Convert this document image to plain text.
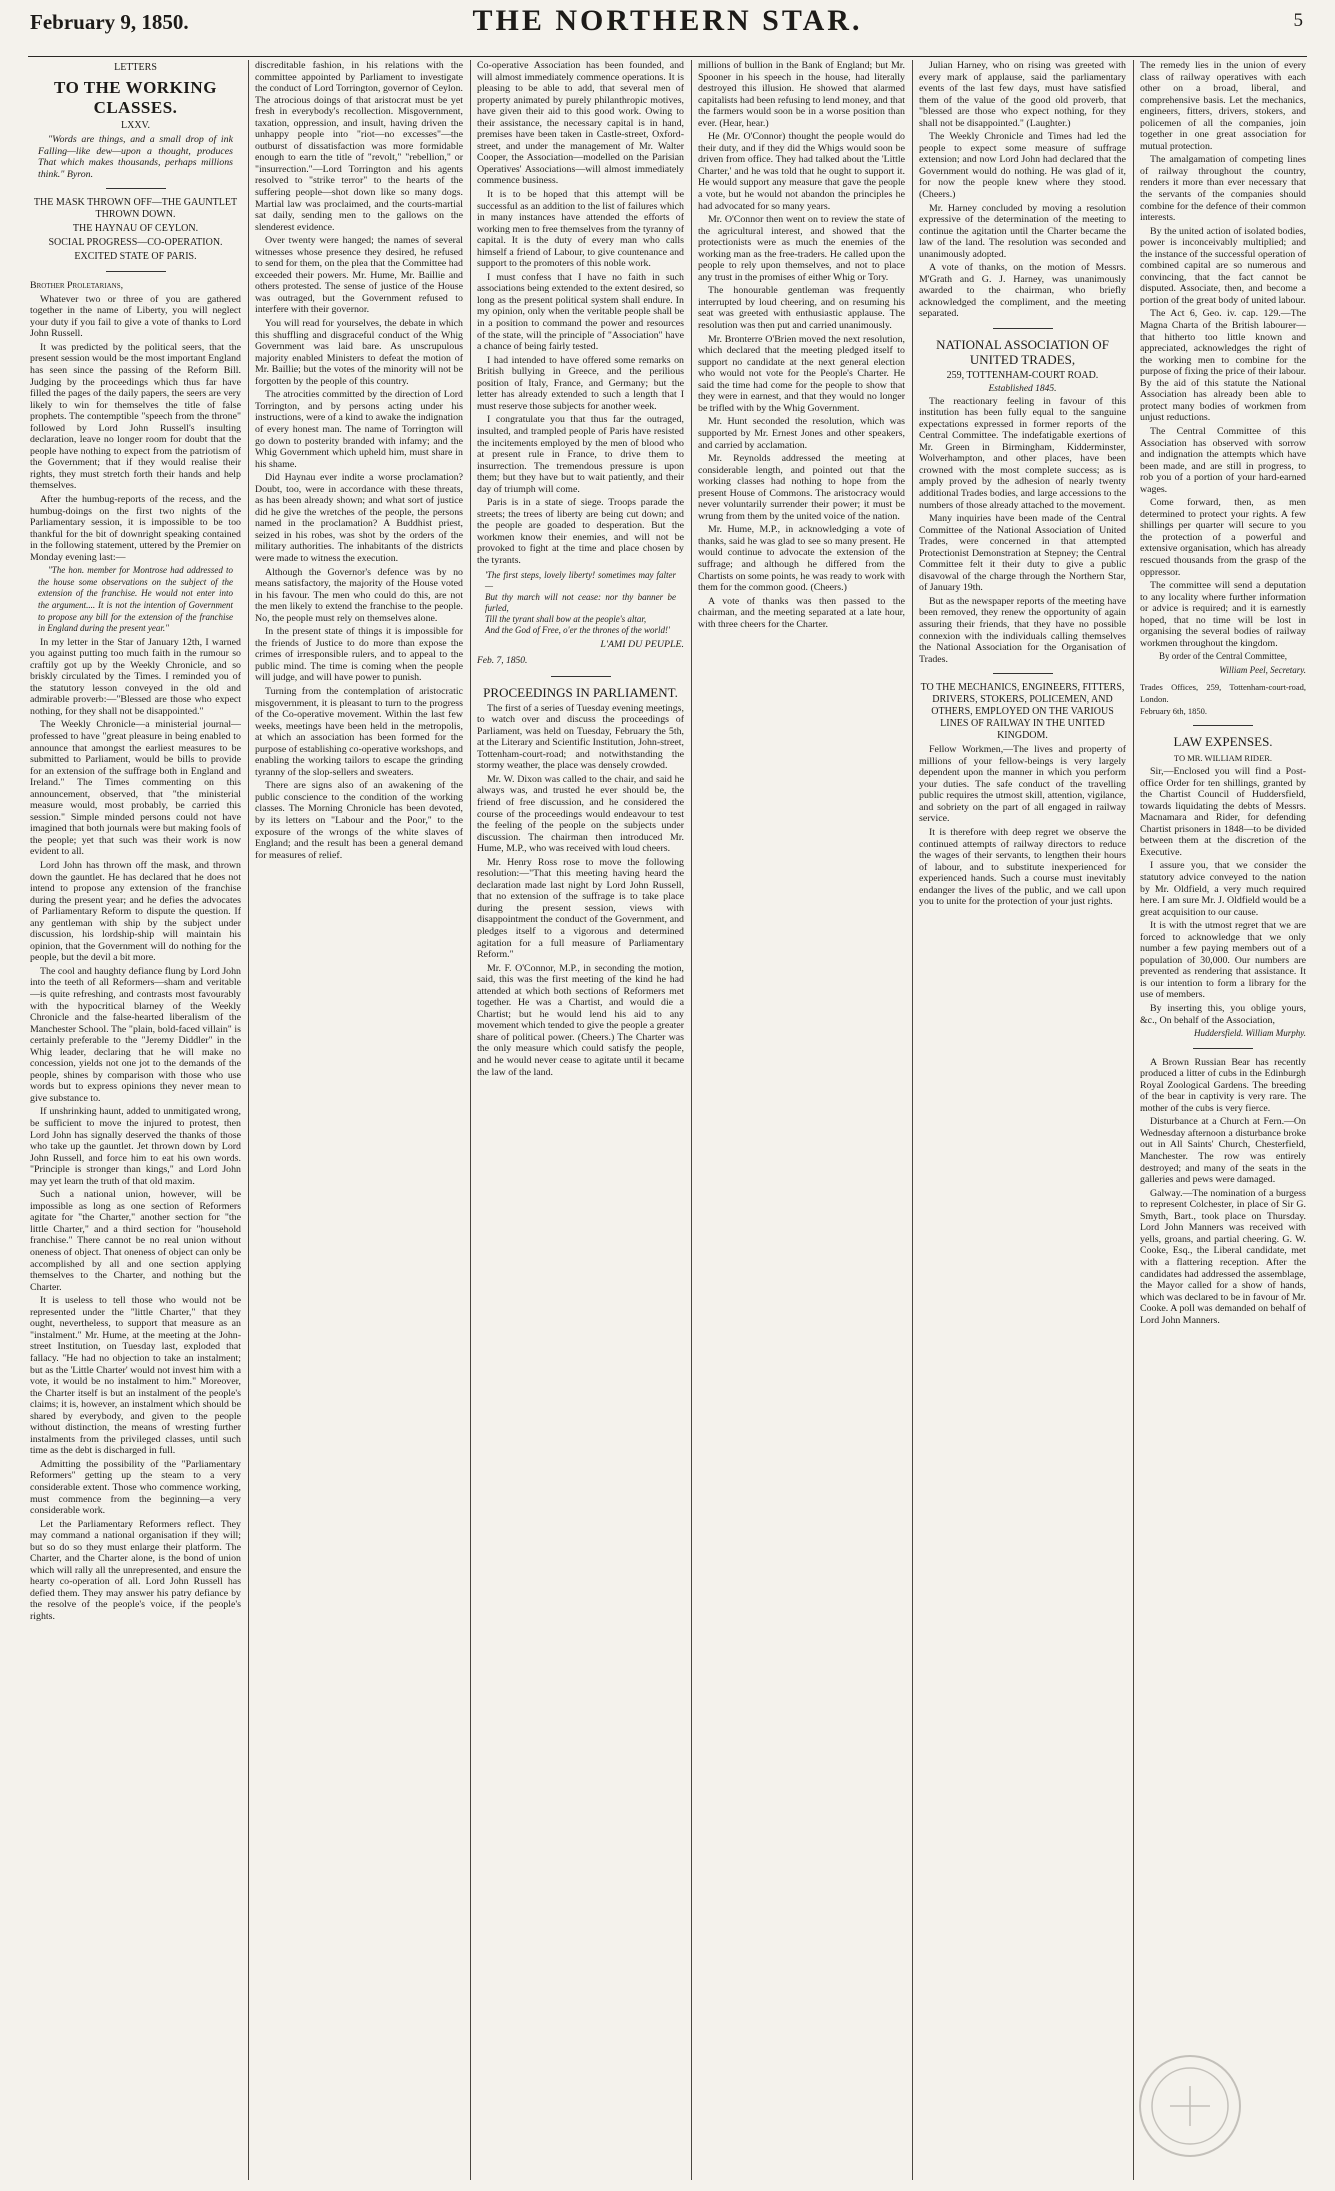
February 9, 1850.	THE NORTHERN STAR.	5
LETTERS
TO THE WORKING CLASSES.
LXXV.

"Words are things, and a small drop of ink Falling—like dew—upon a thought, produces That which makes thousands, perhaps millions think." Byron.

THE MASK THROWN OFF—THE GAUNTLET THROWN DOWN.
THE HAYNAU OF CEYLON.
SOCIAL PROGRESS—CO-OPERATION.
EXCITED STATE OF PARIS.

Brother Proletarians,

Whatever two or three of you are gathered together in the name of Liberty, you will neglect your duty if you fail to give a vote of thanks to Lord John Russell.

It was predicted by the political seers, that the present session would be the most important England has seen since the passing of the Reform Bill. Judging by the proceedings which thus far have filled the pages of the daily papers, the seers are very likely to win for themselves the title of false prophets. The contemptible "speech from the throne" followed by Lord John Russell's insulting declaration, leave no longer room for doubt that the people have nothing to expect from the patriotism of the Government; that if they would realise their rights, they must stretch forth their hands and help themselves.

After the humbug-reports of the recess, and the humbug-doings on the first two nights of the Parliamentary session, it is impossible to be too thankful for the bit of downright speaking contained in the following statement, uttered by the Premier on Monday evening last:—

"The hon. member for Montrose had addressed to the house some observations on the subject of the extension of the franchise. He would not enter into the argument.... It is not the intention of Government to propose any bill for the extension of the franchise in England during the present year."

In my letter in the Star of January 12th, I warned you against putting too much faith in the rumour so craftily got up by the Weekly Chronicle, and so briskly circulated by the Times. I reminded you of the statutory lesson conveyed in the old and admirable proverb:—"Blessed are those who expect nothing, for they shall not be disappointed."

The Weekly Chronicle—a ministerial journal—professed to have "great pleasure in being enabled to announce that amongst the earliest measures to be submitted to Parliament, would be bills to provide for an extension of the suffrage both in England and Ireland." The Times commenting on this announcement, observed, that "the ministerial measure would, most probably, be carried this session." Simple minded persons could not have imagined that both journals were but making fools of the people; yet that such was their work is now evident to all.

Lord John has thrown off the mask, and thrown down the gauntlet. He has declared that he does not intend to propose any extension of the franchise during the present year; and he defies the advocates of Parliamentary Reform to dispute the question. If any gentleman with ship by the subject under discussion, his lordship-ship will maintain his opinion, that the Government will do nothing for the people, but the devil a bit more.

The cool and haughty defiance flung by Lord John into the teeth of all Reformers—sham and veritable—is quite refreshing, and contrasts most favourably with the hypocritical blarney of the Weekly Chronicle and the false-hearted liberalism of the Manchester School. The "plain, bold-faced villain" is certainly preferable to the "Jeremy Diddler" in the Whig leader, declaring that he will make no concession, yields not one jot to the demands of the people, shines by comparison with those who use words but to express opinions they never mean to give substance to.

If unshrinking haunt, added to unmitigated wrong, be sufficient to move the injured to protest, then Lord John has signally deserved the thanks of those who take up the gauntlet. Jet thrown down by Lord John Russell, and force him to eat his own words. "Principle is stronger than kings," and Lord John may yet learn the truth of that old maxim.

Such a national union, however, will be impossible as long as one section of Reformers agitate for "the Charter," another section for "the little Charter," and a third section for "household franchise." There cannot be no real union without oneness of object. That oneness of object can only be accomplished by all and one section applying themselves to the Charter, and nothing but the Charter.

It is useless to tell those who would not be represented under the "little Charter," that they ought, nevertheless, to support that measure as an "instalment." Mr. Hume, at the meeting at the John-street Institution, on Tuesday last, exploded that fallacy. "He had no objection to take an instalment; but as the 'Little Charter' would not invest him with a vote, it would be no instalment to him." Moreover, the Charter itself is but an instalment of the people's claims; it is, however, an instalment which should be shared by everybody, and given to the people without distinction, the means of wresting further instalments from the privileged classes, until such time as the debt is discharged in full.

Admitting the possibility of the "Parliamentary Reformers" getting up the steam to a very considerable extent. Those who commence working, must commence from the beginning—a very considerable work.

Let the Parliamentary Reformers reflect. They may command a national organisation if they will; but so do so they must enlarge their platform. The Charter, and the Charter alone, is the bond of union which will rally all the unrepresented, and ensure the hearty co-operation of all. Lord John Russell has defied them. They may answer his patry defiance by the resolve of the people's voice, if the people's rights.

discreditable fashion, in his relations with the committee appointed by Parliament to investigate the conduct of Lord Torrington, governor of Ceylon. The atrocious doings of that aristocrat must be yet fresh in everybody's recollection. Misgovernment, taxation, oppression, and insult, having driven the unhappy people into "riot—no excesses"—the outburst of dissatisfaction was more formidable enough to earn the title of "revolt," "rebellion," or "insurrection."—Lord Torrington and his agents resolved to "strike terror" to the hearts of the suffering people—shot down like so many dogs. Martial law was proclaimed, and the courts-martial sat daily, sending men to the gallows on the slenderest evidence.

Over twenty were hanged; the names of several witnesses whose presence they desired, he refused to send for them, on the plea that the Committee had exceeded their powers. Mr. Hume, Mr. Baillie and others protested. The sense of justice of the House was outraged, but the Government refused to interfere with their governor.

You will read for yourselves, the debate in which this shuffling and disgraceful conduct of the Whig Government was laid bare. As unscrupulous majority enabled Ministers to defeat the motion of Mr. Baillie; but the votes of the minority will not be forgotten by the people of this country.

The atrocities committed by the direction of Lord Torrington, and by persons acting under his instructions, were of a kind to awake the indignation of every honest man. The name of Torrington will go down to posterity branded with infamy; and the Whig Government which upheld him, must share in his shame.

Did Haynau ever indite a worse proclamation? Doubt, too, were in accordance with these threats, as has been already shown; and what sort of justice did he give the wretches of the people, the persons named in the proclamation? A Buddhist priest, seized in his robes, was shot by the orders of the military authorities. The inhabitants of the districts were made to witness the execution.

Although the Governor's defence was by no means satisfactory, the majority of the House voted in his favour. The men who could do this, are not the men likely to extend the franchise to the people. No, the people must rely on themselves alone.

In the present state of things it is impossible for the friends of Justice to do more than expose the crimes of irresponsible rulers, and to appeal to the public mind. The time is coming when the people will judge, and will have power to punish.

Turning from the contemplation of aristocratic misgovernment, it is pleasant to turn to the progress of the Co-operative movement. Within the last few weeks, meetings have been held in the metropolis, at which an association has been formed for the purpose of establishing co-operative workshops, and enabling the working tailors to escape the grinding tyranny of the slop-sellers and sweaters.

There are signs also of an awakening of the public conscience to the condition of the working classes. The Morning Chronicle has been devoted, by its letters on "Labour and the Poor," to the exposure of the wrongs of the white slaves of England; and the result has been a general demand for measures of relief.

Co-operative Association has been founded, and will almost immediately commence operations. It is pleasing to be able to add, that several men of property animated by purely philanthropic motives, have given their aid to this good work. Owing to their assistance, the necessary capital is in hand, premises have been taken in Castle-street, Oxford-street, and under the management of Mr. Walter Cooper, the Association—modelled on the Parisian Operatives' Associations—will almost immediately commence business.

It is to be hoped that this attempt will be successful as an addition to the list of failures which in many instances have attended the efforts of working men to free themselves from the tyranny of capital. It is the duty of every man who calls himself a friend of Labour, to give countenance and support to the promoters of this noble work.

I must confess that I have no faith in such associations being extended to the extent desired, so long as the present political system shall endure. In my opinion, only when the veritable people shall be in a position to command the power and resources of the state, will the principle of "Association" have a chance of being fairly tested.

I had intended to have offered some remarks on British bullying in Greece, and the perilious position of Italy, France, and Germany; but the letter has already extended to such a length that I must reserve those subjects for another week.

I congratulate you that thus far the outraged, insulted, and trampled people of Paris have resisted the incitements employed by the men of blood who at present rule in France, to drive them to insurrection. The tremendous pressure is upon them; but they have but to wait patiently, and their day of triumph will come.

Paris is in a state of siege. Troops parade the streets; the trees of liberty are being cut down; and the people are goaded to desperation. But the workmen know their enemies, and will not be provoked to fight at the time and place chosen by the tyrants.

'The first steps, lovely liberty! sometimes may falter—
But thy march will not cease: nor thy banner be furled,
Till the tyrant shall bow at the people's altar,
And the God of Free, o'er the thrones of the world!'
L'AMI DU PEUPLE.
Feb. 7, 1850.
PROCEEDINGS IN PARLIAMENT.

The first of a series of Tuesday evening meetings, to watch over and discuss the proceedings of Parliament, was held on Tuesday, February the 5th, at the Literary and Scientific Institution, John-street, Tottenham-court-road; and notwithstanding the stormy weather, the place was densely crowded.

Mr. W. Dixon was called to the chair, and said he always was, and trusted he ever should be, the friend of free discussion, and he considered the course of the proceedings would endeavour to test the feeling of the people on the subjects under discussion. The chairman then introduced Mr. Hume, M.P., who was received with loud cheers.

Mr. Henry Ross rose to move the following resolution:—"That this meeting having heard the declaration made last night by Lord John Russell, that no extension of the suffrage is to take place during the present session, views with disappointment the conduct of the Government, and pledges itself to a vigorous and determined agitation for a full measure of Parliamentary Reform."

Mr. F. O'Connor, M.P., in seconding the motion, said, this was the first meeting of the kind he had attended at which both sections of Reformers met together. He was a Chartist, and would die a Chartist; but he would lend his aid to any movement which tended to give the people a greater share of political power. (Cheers.) The Charter was the only measure which could satisfy the people, and he would never cease to agitate until it became the law of the land.

millions of bullion in the Bank of England; but Mr. Spooner in his speech in the house, had literally destroyed this illusion. He showed that alarmed capitalists had been refusing to lend money, and that the farmers would soon be in a worse position than ever. (Hear, hear.)

He (Mr. O'Connor) thought the people would do their duty, and if they did the Whigs would soon be driven from office. They had talked about the 'Little Charter,' and he was told that he ought to support it. He would support any measure that gave the people a vote, but he would not abandon the principles he had advocated for so many years.

Mr. O'Connor then went on to review the state of the agricultural interest, and showed that the protectionists were as much the enemies of the working man as the free-traders. He called upon the people to rely upon themselves, and not to place any trust in the promises of either Whig or Tory.

The honourable gentleman was frequently interrupted by loud cheering, and on resuming his seat was greeted with enthusiastic applause. The resolution was then put and carried unanimously.

Mr. Bronterre O'Brien moved the next resolution, which declared that the meeting pledged itself to support no candidate at the next general election who would not vote for the People's Charter. He said the time had come for the people to show that they were in earnest, and that they would no longer be trifled with by the Whig Government.

Mr. Hunt seconded the resolution, which was supported by Mr. Ernest Jones and other speakers, and carried by acclamation.

Mr. Reynolds addressed the meeting at considerable length, and pointed out that the working classes had nothing to hope from the present House of Commons. The aristocracy would never voluntarily surrender their power; it must be wrung from them by the united voice of the nation.

Mr. Hume, M.P., in acknowledging a vote of thanks, said he was glad to see so many present. He would continue to advocate the extension of the suffrage; and although he differed from the Chartists on some points, he was ready to work with them for the common good. (Cheers.)

A vote of thanks was then passed to the chairman, and the meeting separated at a late hour, with three cheers for the Charter.

Julian Harney, who on rising was greeted with every mark of applause, said the parliamentary events of the last few days, must have satisfied them of the value of the good old proverb, that "blessed are those who expect nothing, for they shall not be disappointed." (Laughter.)

The Weekly Chronicle and Times had led the people to expect some measure of suffrage extension; and now Lord John had declared that the Government would do nothing. He was glad of it, for now the people knew where they stood. (Cheers.)

Mr. Harney concluded by moving a resolution expressive of the determination of the meeting to continue the agitation until the Charter became the law of the land. The resolution was seconded and unanimously adopted.

A vote of thanks, on the motion of Messrs. M'Grath and G. J. Harney, was unanimously awarded to the chairman, who briefly acknowledged the compliment, and the meeting separated.

NATIONAL ASSOCIATION OF UNITED TRADES,
259, TOTTENHAM-COURT ROAD.
Established 1845.

The reactionary feeling in favour of this institution has been fully equal to the sanguine expectations expressed in former reports of the Central Committee. The indefatigable exertions of Mr. Green in Birmingham, Kidderminster, Wolverhampton, and other places, have been crowned with the most complete success; as is amply proved by the adhesion of nearly twenty additional Trades bodies, and large accessions to the numbers of those already attached to the movement.

Many inquiries have been made of the Central Committee of the National Association of United Trades, were concerned in that attempted Protectionist Demonstration at Stepney; the Central Committee felt it their duty to give a public disavowal of the charge through the Northern Star, of January 19th.

But as the newspaper reports of the meeting have been removed, they renew the opportunity of again assuring their friends, that they have no possible connexion with the individuals calling themselves the National Association for the Organisation of Trades.

TO THE MECHANICS, ENGINEERS, FITTERS, DRIVERS, STOKERS, POLICEMEN, AND OTHERS, EMPLOYED ON THE VARIOUS LINES OF RAILWAY IN THE UNITED KINGDOM.

Fellow Workmen,—The lives and property of millions of your fellow-beings is very largely dependent upon the manner in which you perform your duties. The safe conduct of the travelling public requires the utmost skill, attention, vigilance, and sobriety on the part of all engaged in railway service.

It is therefore with deep regret we observe the continued attempts of railway directors to reduce the wages of their servants, to lengthen their hours of labour, and to substitute inexperienced for experienced hands. Such a course must inevitably endanger the lives of the public, and we call upon you to unite for the protection of your just rights.

The remedy lies in the union of every class of railway operatives with each other on a broad, liberal, and comprehensive basis. Let the mechanics, engineers, fitters, drivers, stokers, and policemen of all the companies, join together in one great association for mutual protection.

The amalgamation of competing lines of railway throughout the country, renders it more than ever necessary that the servants of the companies should combine for the defence of their common interests.

By the united action of isolated bodies, power is inconceivably multiplied; and the instance of the successful operation of combined capital are so numerous and convincing, that the fact cannot be disputed. Associate, then, and become a portion of the great body of united labour.

The Act 6, Geo. iv. cap. 129.—The Magna Charta of the British labourer—that hitherto too little known and appreciated, acknowledges the right of the working men to combine for the purpose of fixing the price of their labour. By the aid of this statute the National Association has already been able to protect many bodies of workmen from unjust reductions.

The Central Committee of this Association has observed with sorrow and indignation the attempts which have been made, and are still in progress, to rob you of a portion of your hard-earned wages.

Come forward, then, as men determined to protect your rights. A few shillings per quarter will secure to you the protection of a powerful and extensive organisation, which has already rescued thousands from the grasp of the oppressor.

The committee will send a deputation to any locality where further information or advice is required; and it is earnestly hoped, that no time will be lost in organising the several bodies of railway workmen throughout the kingdom.

By order of the Central Committee,
William Peel, Secretary.
Trades Offices, 259, Tottenham-court-road, London.
February 6th, 1850.
LAW EXPENSES.
TO MR. WILLIAM RIDER.

Sir,—Enclosed you will find a Post-office Order for ten shillings, granted by the Chartist Council of Huddersfield, towards liquidating the debts of Messrs. Macnamara and Rider, for defending Chartist prisoners in 1848—to be divided between them at the discretion of the Executive.

I assure you, that we consider the statutory advice conveyed to the nation by Mr. Oldfield, a very much required here. I am sure Mr. J. Oldfield would be a great acquisition to our cause.

It is with the utmost regret that we are forced to acknowledge that we only number a few paying members out of a population of 30,000. Our numbers are prevented as rendering that assistance. It is our intention to form a library for the use of members.

By inserting this, you oblige yours, &c., On behalf of the Association,

Huddersfield. William Murphy.

A Brown Russian Bear has recently produced a litter of cubs in the Edinburgh Royal Zoological Gardens. The breeding of the bear in captivity is very rare. The mother of the cubs is very fierce.

Disturbance at a Church at Fern.—On Wednesday afternoon a disturbance broke out in All Saints' Church, Chesterfield, Manchester. The row was entirely destroyed; and many of the seats in the galleries and pews were damaged.

Galway.—The nomination of a burgess to represent Colchester, in place of Sir G. Smyth, Bart., took place on Thursday. Lord John Manners was received with yells, groans, and partial cheering. G. W. Cooke, Esq., the Liberal candidate, met with a flattering reception. After the candidates had addressed the assemblage, the Mayor called for a show of hands, which was declared to be in favour of Mr. Cooke. A poll was demanded on behalf of Lord John Manners.
